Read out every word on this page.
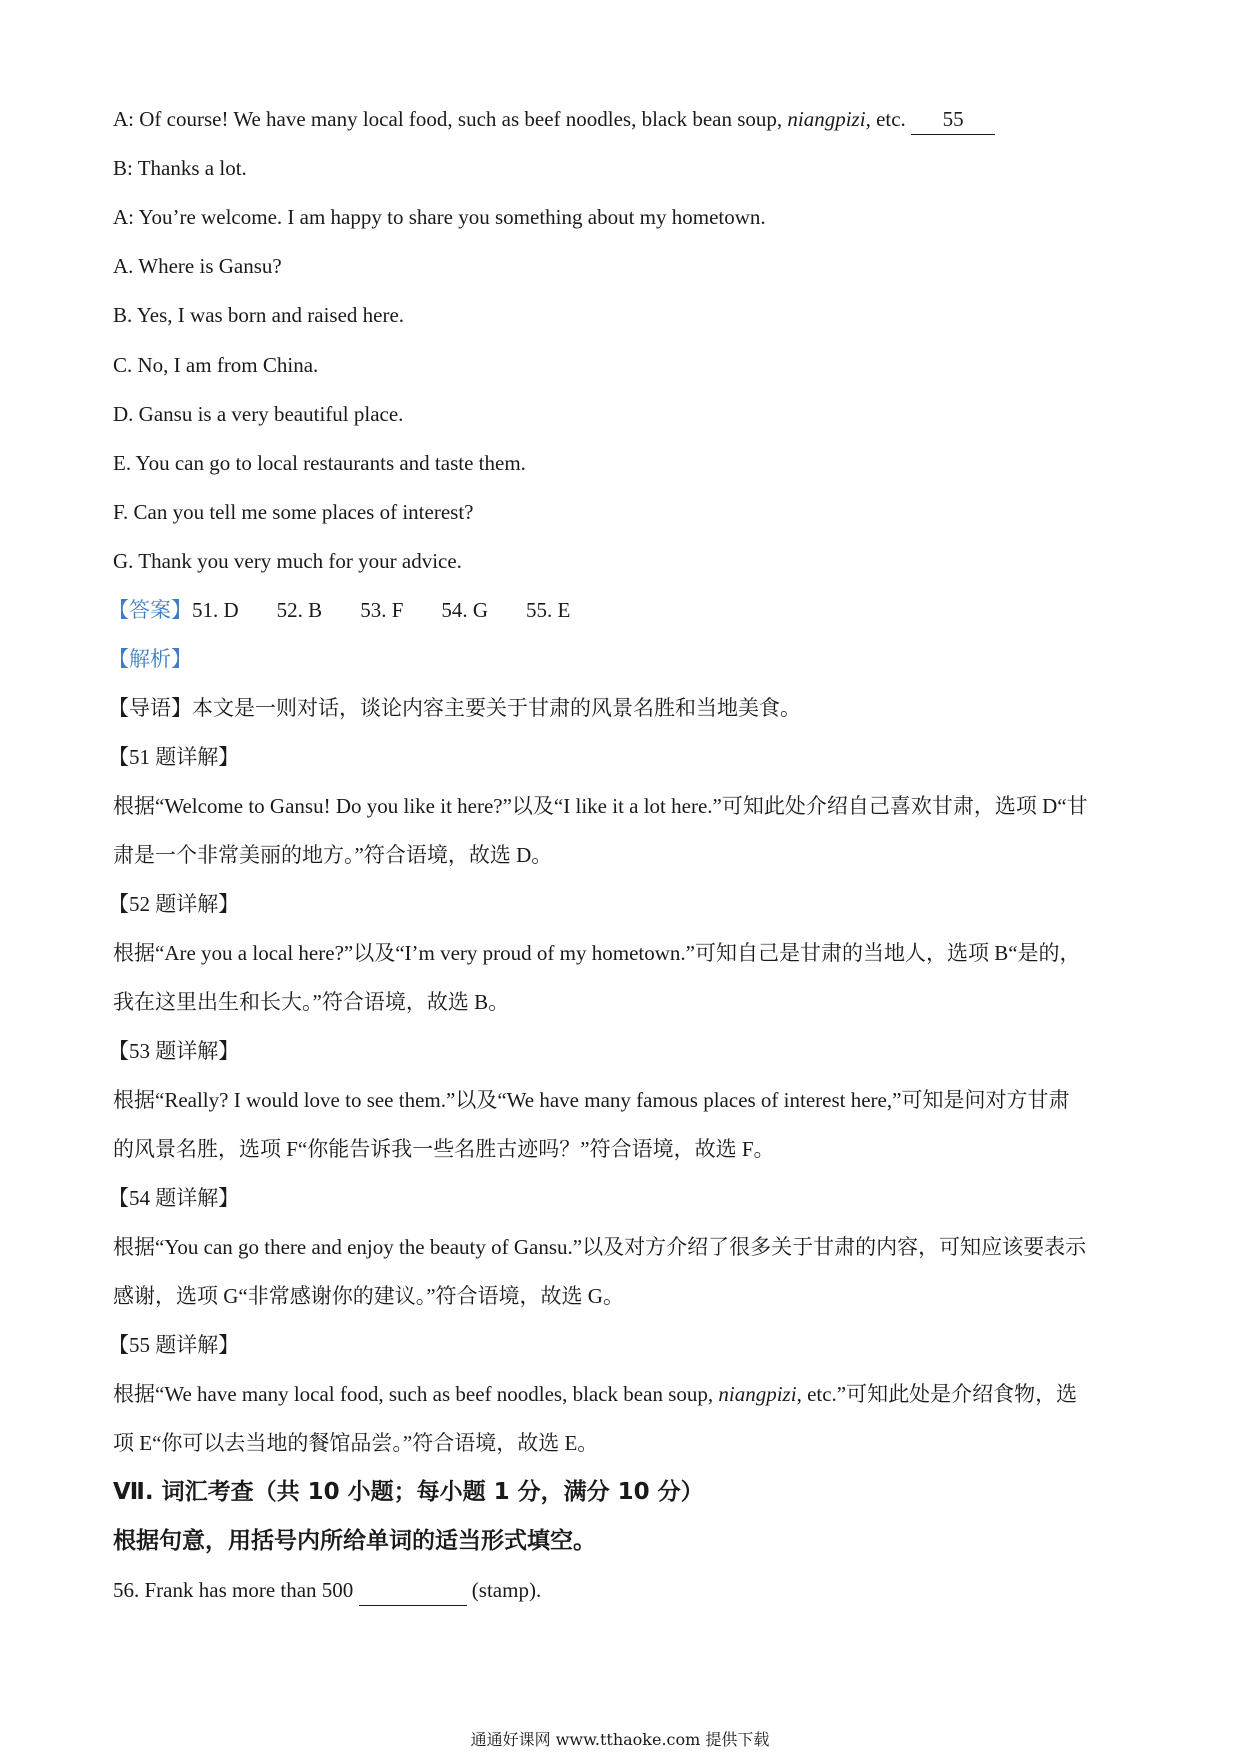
A: Of course! We have many local food, such as beef noodles, black bean soup, niangpizi, etc. 55
B: Thanks a lot.
A: You’re welcome. I am happy to share you something about my hometown.
A. Where is Gansu?
B. Yes, I was born and raised here.
C. No, I am from China.
D. Gansu is a very beautiful place.
E. You can go to local restaurants and taste them.
F. Can you tell me some places of interest?
G. Thank you very much for your advice.
【答案】51. D 52. B 53. F 54. G 55. E
【解析】
【导语】本文是一则对话，谈论内容主要关于甘肃的风景名胜和当地美食。
【51 题详解】
根据“Welcome to Gansu! Do you like it here?”以及“I like it a lot here.”可知此处介绍自己喜欢甘肃，选项 D“甘
肃是一个非常美丽的地方。”符合语境，故选 D。
【52 题详解】
根据“Are you a local here?”以及“I’m very proud of my hometown.”可知自己是甘肃的当地人，选项 B“是的，
我在这里出生和长大。”符合语境，故选 B。
【53 题详解】
根据“Really? I would love to see them.”以及“We have many famous places of interest here,”可知是问对方甘肃
的风景名胜，选项 F“你能告诉我一些名胜古迹吗？”符合语境，故选 F。
【54 题详解】
根据“You can go there and enjoy the beauty of Gansu.”以及对方介绍了很多关于甘肃的内容，可知应该要表示
感谢，选项 G“非常感谢你的建议。”符合语境，故选 G。
【55 题详解】
根据“We have many local food, such as beef noodles, black bean soup, niangpizi, etc.”可知此处是介绍食物，选
项 E“你可以去当地的餐馆品尝。”符合语境，故选 E。
Ⅶ. 词汇考查（共 10 小题；每小题 1 分，满分 10 分）
根据句意，用括号内所给单词的适当形式填空。
56. Frank has more than 500	(stamp).
通通好课网 www.tthaoke.com 提供下载
